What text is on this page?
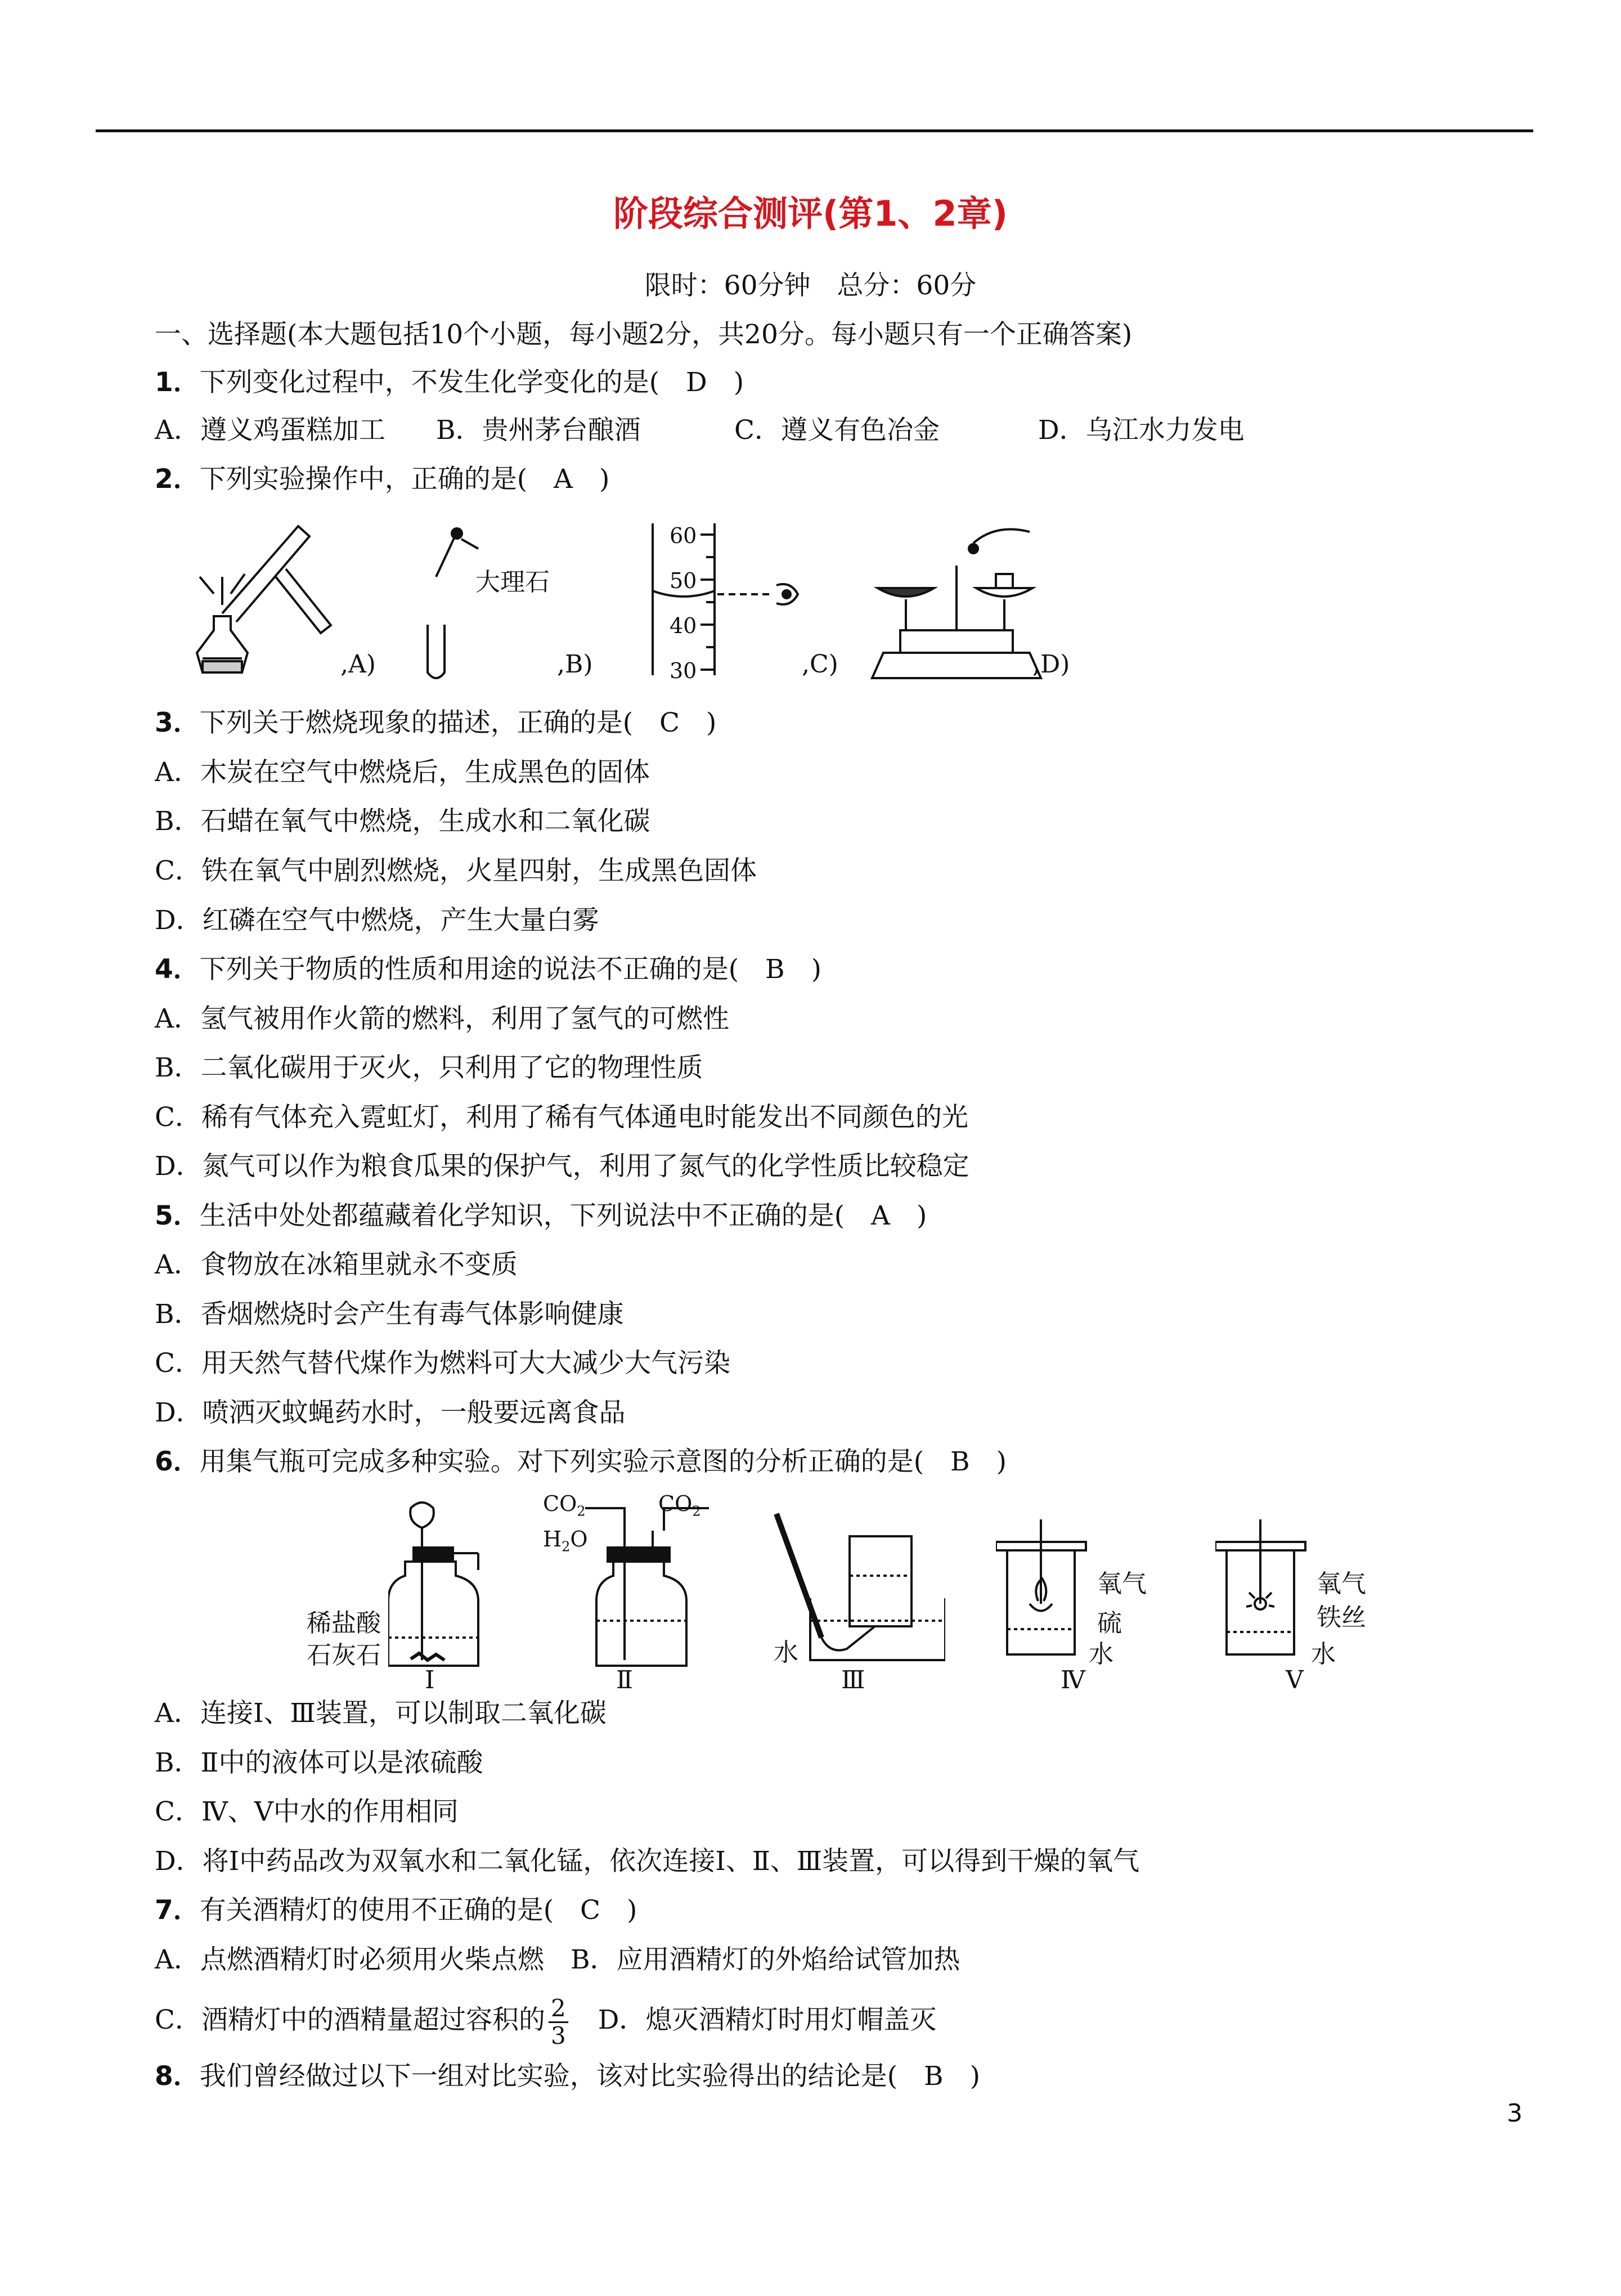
阶段综合测评(第1、2章)
限时：60分钟　总分：60分
一、选择题(本大题包括10个小题，每小题2分，共20分。每小题只有一个正确答案)
1．下列变化过程中，不发生化学变化的是(　D　)
A．遵义鸡蛋糕加工 B．贵州茅台酿酒	C．遵义有色冶金	D．乌江水力发电
2．下列实验操作中，正确的是(　A　)
,A)
大理石
,B)
60
50
40
30	,C)	,D)
3．下列关于燃烧现象的描述，正确的是(　C　)
A．木炭在空气中燃烧后，生成黑色的固体
B．石蜡在氧气中燃烧，生成水和二氧化碳
C．铁在氧气中剧烈燃烧，火星四射，生成黑色固体
D．红磷在空气中燃烧，产生大量白雾
4．下列关于物质的性质和用途的说法不正确的是(　B　)
A．氢气被用作火箭的燃料，利用了氢气的可燃性
B．二氧化碳用于灭火，只利用了它的物理性质
C．稀有气体充入霓虹灯，利用了稀有气体通电时能发出不同颜色的光
D．氮气可以作为粮食瓜果的保护气，利用了氮气的化学性质比较稳定
5．生活中处处都蕴藏着化学知识，下列说法中不正确的是(　A　)
A．食物放在冰箱里就永不变质
B．香烟燃烧时会产生有毒气体影响健康
C．用天然气替代煤作为燃料可大大减少大气污染
D．喷洒灭蚊蝇药水时，一般要远离食品
6．用集气瓶可完成多种实验。对下列实验示意图的分析正确的是(　B　)
稀盐酸
石灰石
Ⅰ
$CO_2$
$H_2O$
$CO_2$
Ⅱ
水
Ⅲ
氧气
硫
水
Ⅳ
氧气
铁丝
水
Ⅴ
A．连接Ⅰ、Ⅲ装置，可以制取二氧化碳
B．Ⅱ中的液体可以是浓硫酸
C．Ⅳ、Ⅴ中水的作用相同
D．将Ⅰ中药品改为双氧水和二氧化锰，依次连接Ⅰ、Ⅱ、Ⅲ装置，可以得到干燥的氧气
7．有关酒精灯的使用不正确的是(　C　)
A．点燃酒精灯时必须用火柴点燃　 B．应用酒精灯的外焰给试管加热
C．酒精灯中的酒精量超过容积的 $\frac{2}{3}$
　 D．熄灭酒精灯时用灯帽盖灭
8．我们曾经做过以下一组对比实验，该对比实验得出的结论是(　B　)
3
